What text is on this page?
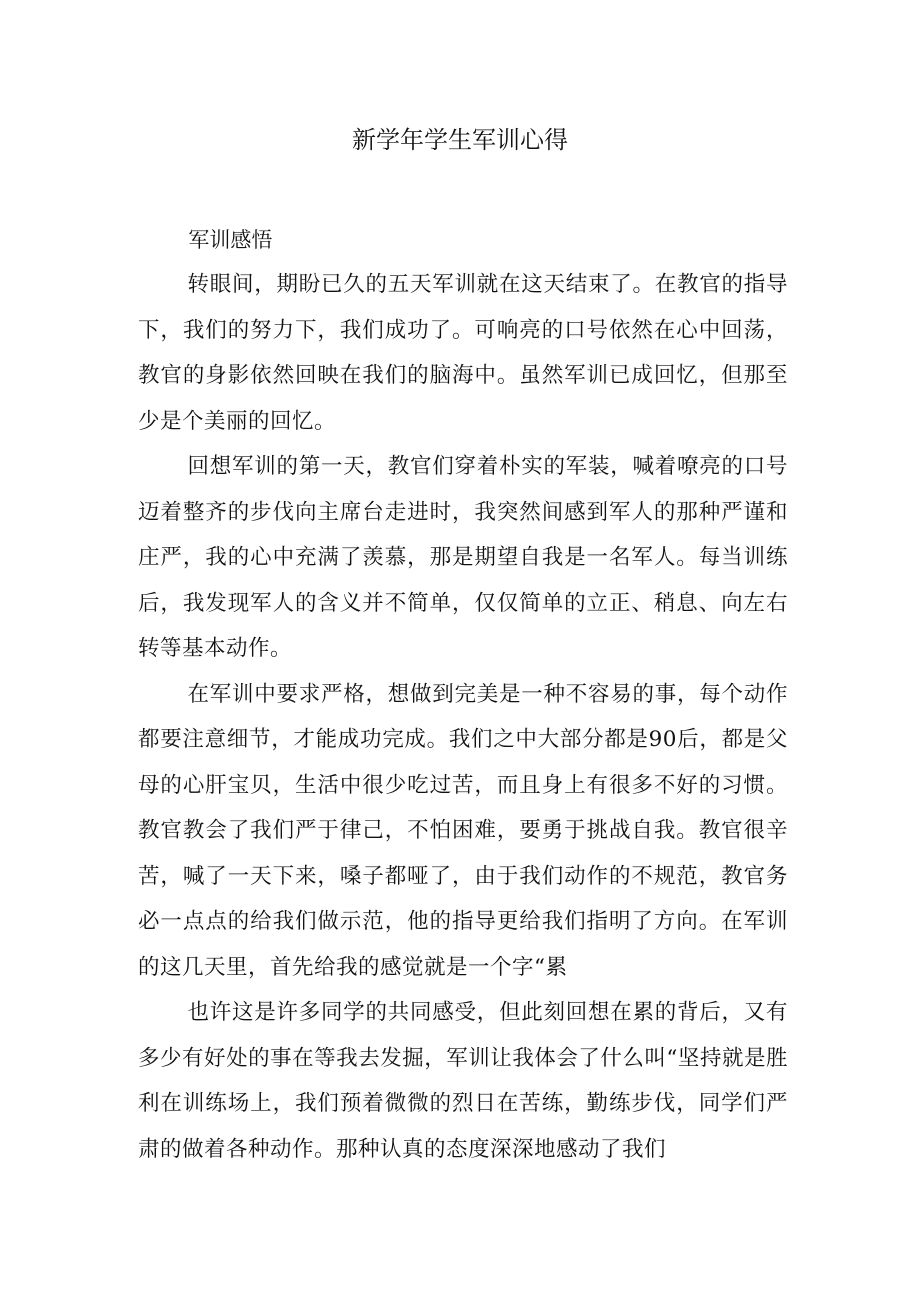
新学年学生军训心得

军训感悟

转眼间，期盼已久的五天军训就在这天结束了。在教官的指导下，我们的努力下，我们成功了。可响亮的口号依然在心中回荡，教官的身影依然回映在我们的脑海中。虽然军训已成回忆，但那至少是个美丽的回忆。

回想军训的第一天，教官们穿着朴实的军装，喊着嘹亮的口号迈着整齐的步伐向主席台走进时，我突然间感到军人的那种严谨和庄严，我的心中充满了羡慕，那是期望自我是一名军人。每当训练后，我发现军人的含义并不简单，仅仅简单的立正、稍息、向左右转等基本动作。

在军训中要求严格，想做到完美是一种不容易的事，每个动作都要注意细节，才能成功完成。我们之中大部分都是90后，都是父母的心肝宝贝，生活中很少吃过苦，而且身上有很多不好的习惯。教官教会了我们严于律己，不怕困难，要勇于挑战自我。教官很辛苦，喊了一天下来，嗓子都哑了，由于我们动作的不规范，教官务必一点点的给我们做示范，他的指导更给我们指明了方向。在军训的这几天里，首先给我的感觉就是一个字“累

也许这是许多同学的共同感受，但此刻回想在累的背后，又有多少有好处的事在等我去发掘，军训让我体会了什么叫“坚持就是胜利在训练场上，我们预着微微的烈日在苦练，勤练步伐，同学们严肃的做着各种动作。那种认真的态度深深地感动了我们
